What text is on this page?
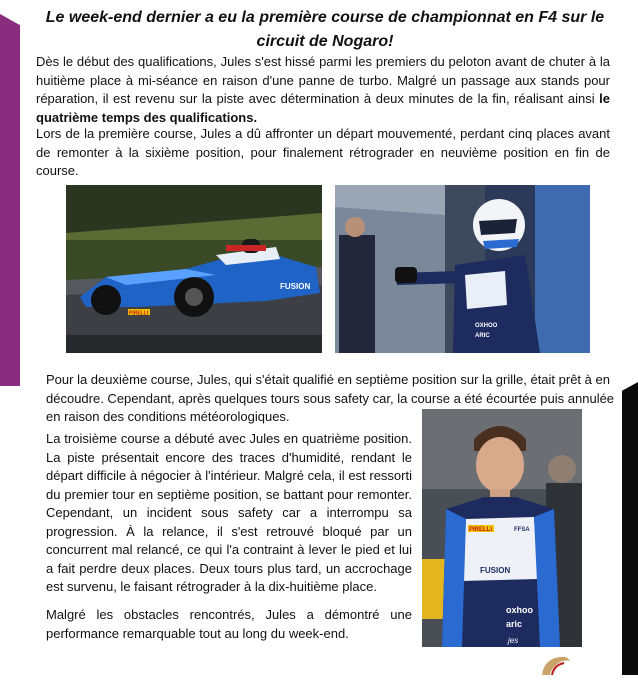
Le week-end dernier a eu la première course de championnat en F4 sur le circuit de Nogaro!

Dès le début des qualifications, Jules s'est hissé parmi les premiers du peloton avant de chuter à la huitième place à mi-séance en raison d'une panne de turbo. Malgré un passage aux stands pour réparation, il est revenu sur la piste avec détermination à deux minutes de la fin, réalisant ainsi le quatrième temps des qualifications.

Lors de la première course, Jules a dû affronter un départ mouvementé, perdant cinq places avant de remonter à la sixième position, pour finalement rétrograder en neuvième position en fin de course.

FUSION
PIRELLI
OXHOO
ARIC

Pour la deuxième course, Jules, qui s'était qualifié en septième position sur la grille, était prêt à en découdre. Cependant, après quelques tours sous safety car, la course a été écourtée puis annulée en raison des conditions météorologiques.

La troisième course a débuté avec Jules en quatrième position. La piste présentait encore des traces d'humidité, rendant le départ difficile à négocier à l'intérieur. Malgré cela, il est ressorti du premier tour en septième position, se battant pour remonter. Cependant, un incident sous safety car a interrompu sa progression. À la relance, il s'est retrouvé bloqué par un concurrent mal relancé, ce qui l'a contraint à lever le pied et lui a fait perdre deux places. Deux tours plus tard, un accrochage est survenu, le faisant rétrograder à la dix-huitième place.

PIRELLI	FFSA
FUSION
oxhoo
aric
jes

Malgré les obstacles rencontrés, Jules a démontré une performance remarquable tout au long du week-end.
